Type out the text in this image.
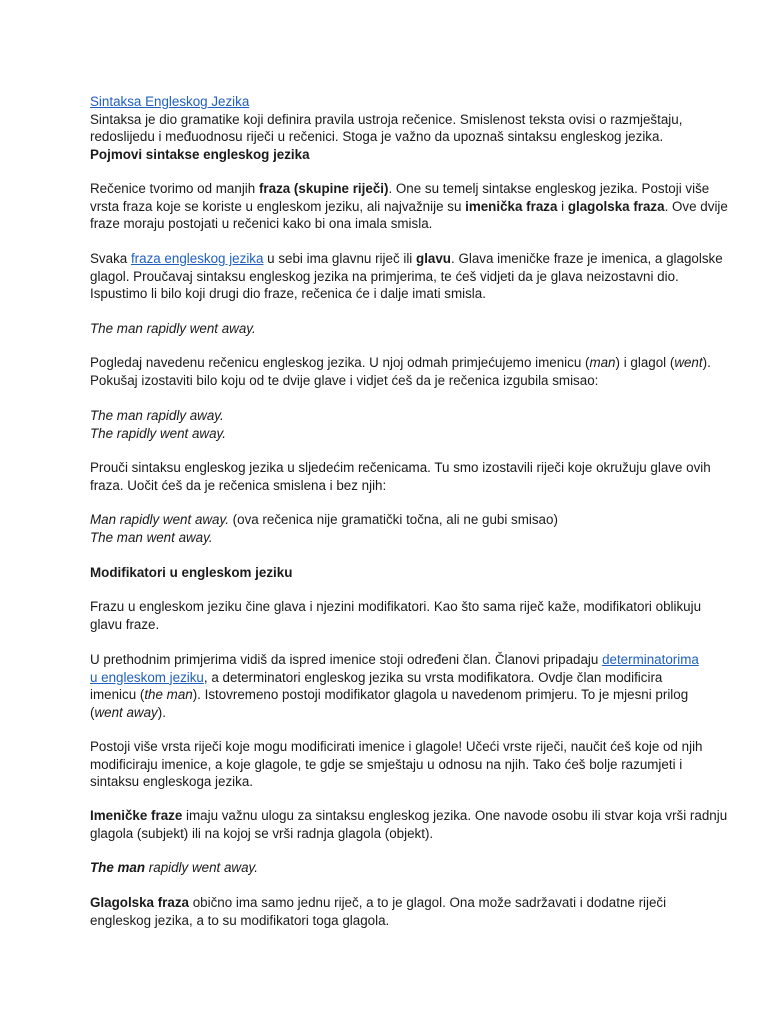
Sintaksa Engleskog Jezika
Sintaksa je dio gramatike koji definira pravila ustroja rečenice. Smislenost teksta ovisi o razmještaju,
redoslijedu i međuodnosu riječi u rečenici. Stoga je važno da upoznaš sintaksu engleskog jezika.
Pojmovi sintakse engleskog jezika
Rečenice tvorimo od manjih fraza (skupine riječi). One su temelj sintakse engleskog jezika. Postoji više
vrsta fraza koje se koriste u engleskom jeziku, ali najvažnije su imenička fraza i glagolska fraza. Ove dvije
fraze moraju postojati u rečenici kako bi ona imala smisla.
Svaka fraza engleskog jezika u sebi ima glavnu riječ ili glavu. Glava imeničke fraze je imenica, a glagolske
glagol. Proučavaj sintaksu engleskog jezika na primjerima, te ćeš vidjeti da je glava neizostavni dio.
Ispustimo li bilo koji drugi dio fraze, rečenica će i dalje imati smisla.
The man rapidly went away.
Pogledaj navedenu rečenicu engleskog jezika. U njoj odmah primjećujemo imenicu (man) i glagol (went).
Pokušaj izostaviti bilo koju od te dvije glave i vidjet ćeš da je rečenica izgubila smisao:
The man rapidly away.
The rapidly went away.
Prouči sintaksu engleskog jezika u sljedećim rečenicama. Tu smo izostavili riječi koje okružuju glave ovih
fraza. Uočit ćeš da je rečenica smislena i bez njih:
Man rapidly went away. (ova rečenica nije gramatički točna, ali ne gubi smisao)
The man went away.
Modifikatori u engleskom jeziku
Frazu u engleskom jeziku čine glava i njezini modifikatori. Kao što sama riječ kaže, modifikatori oblikuju
glavu fraze.
U prethodnim primjerima vidiš da ispred imenice stoji određeni član. Članovi pripadaju determinatorima
u engleskom jeziku, a determinatori engleskog jezika su vrsta modifikatora. Ovdje član modificira
imenicu (the man). Istovremeno postoji modifikator glagola u navedenom primjeru. To je mjesni prilog
(went away).
Postoji više vrsta riječi koje mogu modificirati imenice i glagole! Učeći vrste riječi, naučit ćeš koje od njih
modificiraju imenice, a koje glagole, te gdje se smještaju u odnosu na njih. Tako ćeš bolje razumjeti i
sintaksu engleskoga jezika.
Imeničke fraze imaju važnu ulogu za sintaksu engleskog jezika. One navode osobu ili stvar koja vrši radnju
glagola (subjekt) ili na kojoj se vrši radnja glagola (objekt).
The man rapidly went away.
Glagolska fraza obično ima samo jednu riječ, a to je glagol. Ona može sadržavati i dodatne riječi
engleskog jezika, a to su modifikatori toga glagola.
